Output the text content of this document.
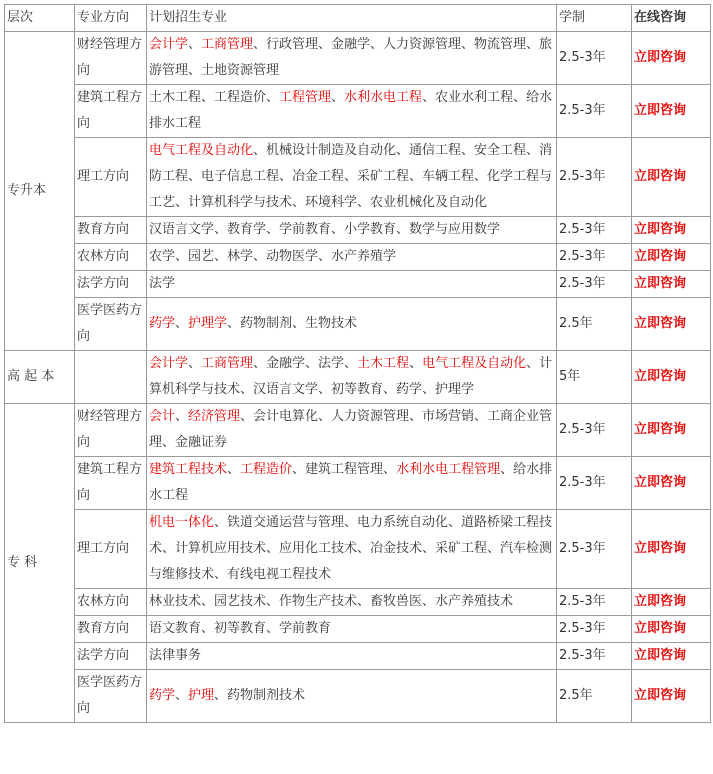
层次	专业方向	计划招生专业	学制	在线咨询
专升本	财经管理方向	会计学、工商管理、行政管理、金融学、人力资源管理、物流管理、旅游管理、土地资源管理	2.5-3年	立即咨询
	建筑工程方向	土木工程、工程造价、工程管理、水利水电工程、农业水利工程、给水排水工程	2.5-3年	立即咨询
	理工方向	电气工程及自动化、机械设计制造及自动化、通信工程、安全工程、消防工程、电子信息工程、冶金工程、采矿工程、车辆工程、化学工程与工艺、计算机科学与技术、环境科学、农业机械化及自动化	2.5-3年	立即咨询
	教育方向	汉语言文学、教育学、学前教育、小学教育、数学与应用数学	2.5-3年	立即咨询
	农林方向	农学、园艺、林学、动物医学、水产养殖学	2.5-3年	立即咨询
	法学方向	法学	2.5-3年	立即咨询
	医学医药方向	药学、护理学、药物制剂、生物技术	2.5年	立即咨询
高 起 本		会计学、工商管理、金融学、法学、土木工程、电气工程及自动化、计算机科学与技术、汉语言文学、初等教育、药学、护理学	5年	立即咨询
专 科	财经管理方向	会计、经济管理、会计电算化、人力资源管理、市场营销、工商企业管理、金融证券	2.5-3年	立即咨询
	建筑工程方向	建筑工程技术、工程造价、建筑工程管理、水利水电工程管理、给水排水工程	2.5-3年	立即咨询
	理工方向	机电一体化、铁道交通运营与管理、电力系统自动化、道路桥梁工程技术、计算机应用技术、应用化工技术、冶金技术、采矿工程、汽车检测与维修技术、有线电视工程技术	2.5-3年	立即咨询
	农林方向	林业技术、园艺技术、作物生产技术、畜牧兽医、水产养殖技术	2.5-3年	立即咨询
	教育方向	语文教育、初等教育、学前教育	2.5-3年	立即咨询
	法学方向	法律事务	2.5-3年	立即咨询
	医学医药方向	药学、护理、药物制剂技术	2.5年	立即咨询
